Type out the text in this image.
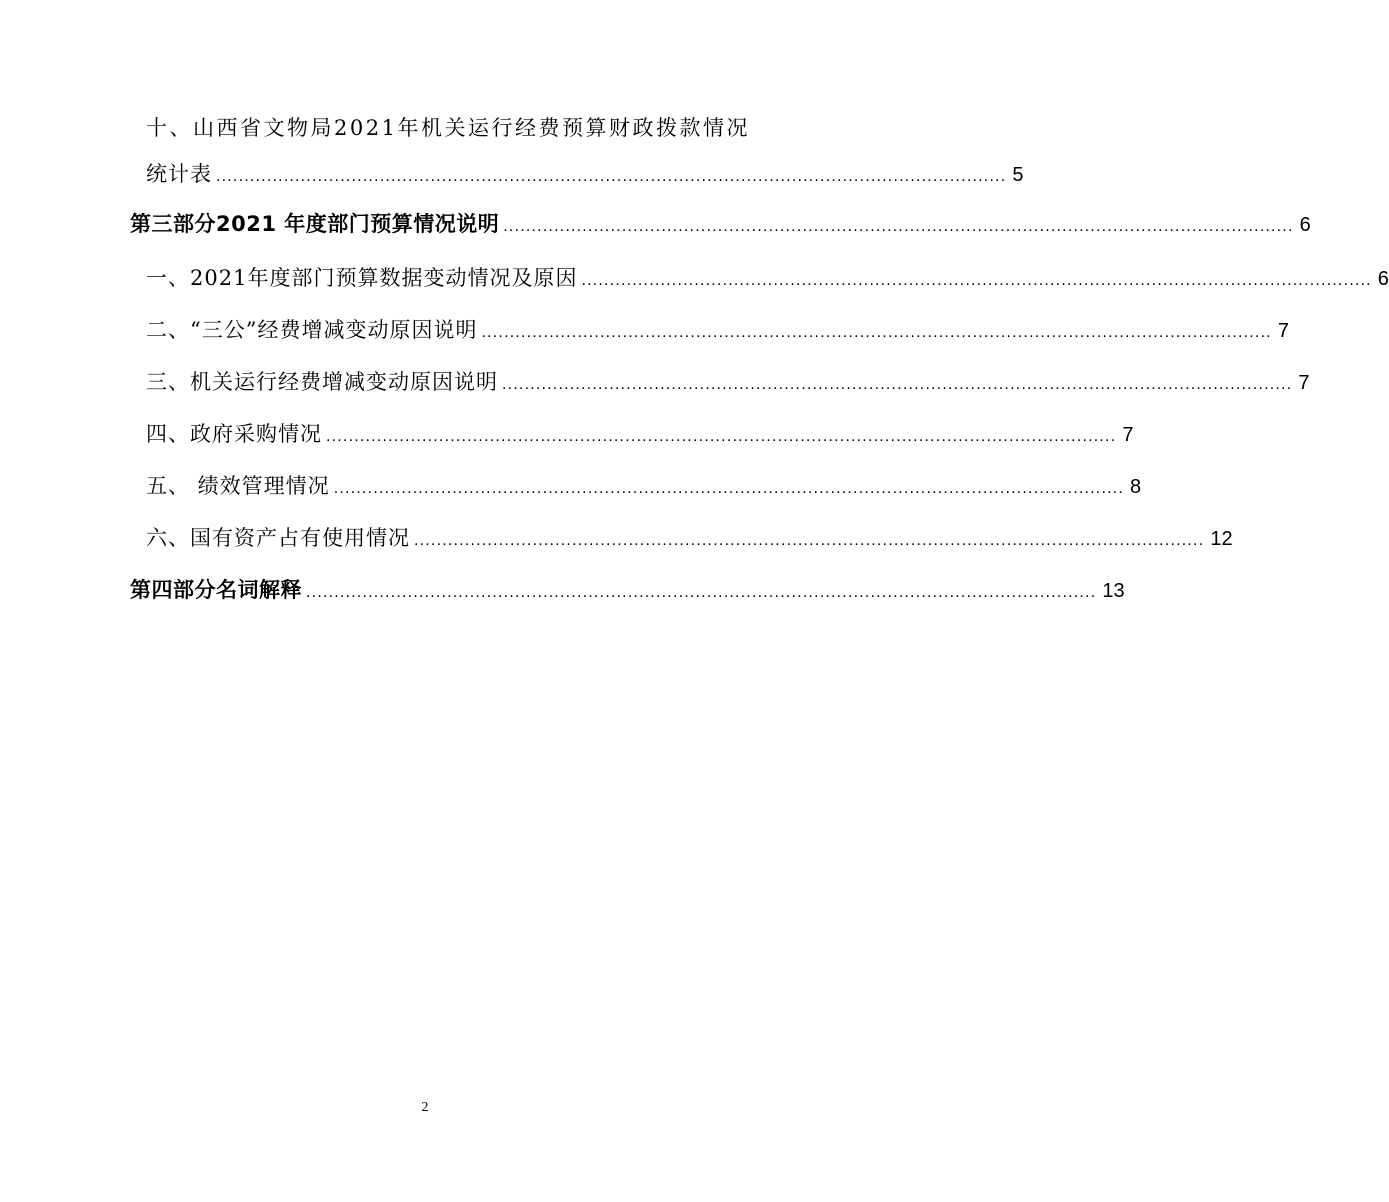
十、山西省文物局2021年机关运行经费预算财政拨款情况
统计表 ............................................................................................................................................ 5
第三部分 2021 年度部门预算情况说明 ............................................................................................................................................ 6
一、2021年度部门预算数据变动情况及原因 ............................................................................................................................................ 6
二、“三公”经费增减变动原因说明 ............................................................................................................................................ 7
三、机关运行经费增减变动原因说明 ............................................................................................................................................ 7
四、政府采购情况 ............................................................................................................................................ 7
五、 绩效管理情况 ............................................................................................................................................ 8
六、国有资产占有使用情况 ............................................................................................................................................ 12
第四部分 名词解释 ............................................................................................................................................ 13
2
